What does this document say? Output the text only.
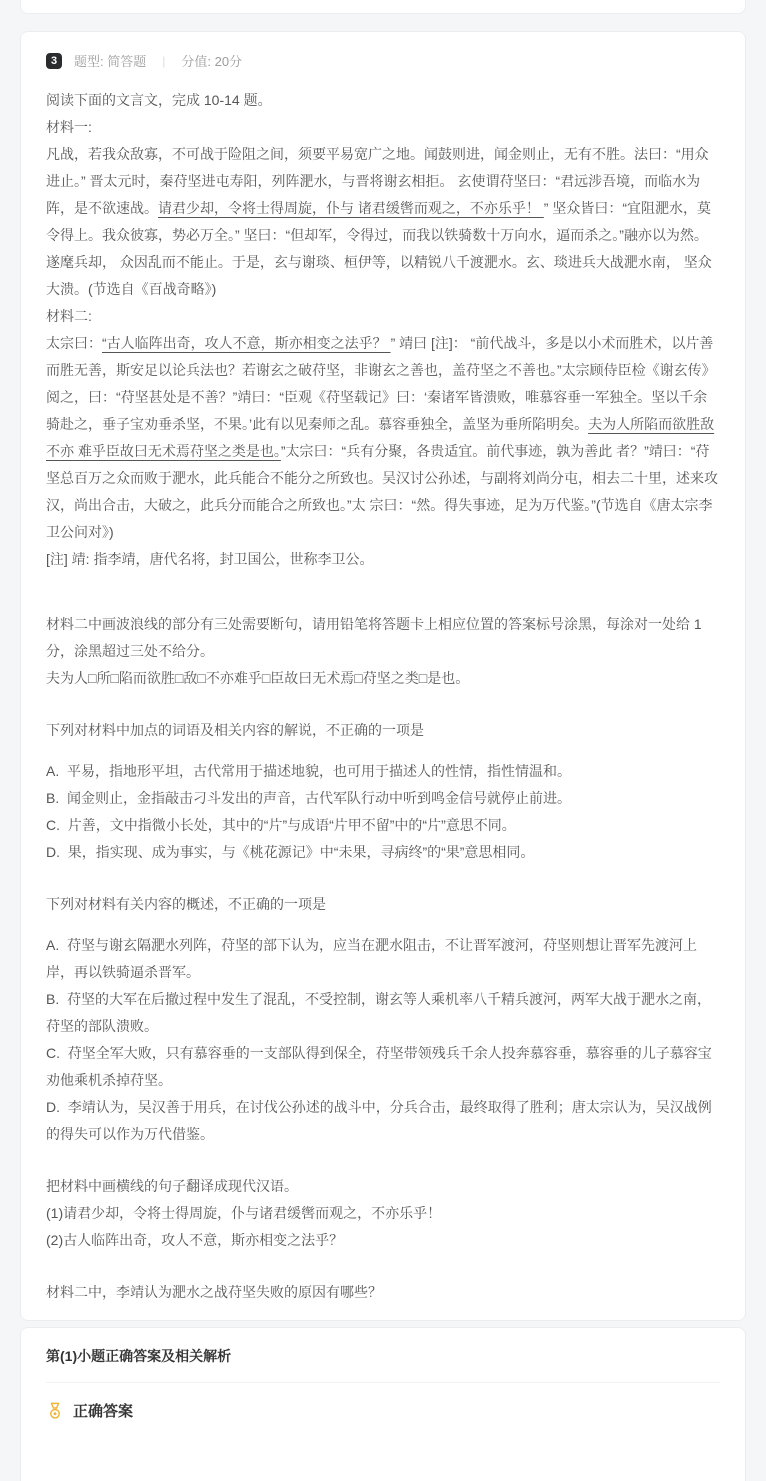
3	题型: 简答题 | 分值: 20分

阅读下面的文言文，完成 10-14 题。

材料一:

凡战，若我众敌寡，不可战于险阻之间，须要平易宽广之地。闻鼓则进，闻金则止，无有不胜。法曰：“用众进止。” 晋太元时，秦苻坚进屯寿阳，列阵淝水，与晋将谢玄相拒。 玄使谓苻坚曰：“君远涉吾境，而临水为阵，是不欲速战。请君少却，令将士得周旋，仆与 诸君缓辔而观之，不亦乐乎！ ” 坚众皆曰：“宜阻淝水，莫令得上。我众彼寡，势必万全。” 坚曰：“但却军，令得过，而我以铁骑数十万向水，逼而杀之。”融亦以为然。遂麾兵却， 众因乱而不能止。于是，玄与谢琰、桓伊等，以精锐八千渡淝水。玄、琰进兵大战淝水南， 坚众大溃。(节选自《百战奇略》)

材料二:

太宗曰：“古人临阵出奇，攻人不意，斯亦相变之法乎？ ” 靖曰 [注]： “前代战斗，多是以小术而胜术，以片善而胜无善，斯安足以论兵法也？若谢玄之破苻坚，非谢玄之善也，盖苻坚之不善也。”太宗顾侍臣检《谢玄传》阅之，曰：“苻坚甚处是不善？”靖曰：“臣观《苻坚载记》曰：‘秦诸军皆溃败，唯慕容垂一军独全。坚以千余骑赴之，垂子宝劝垂杀坚，不果。’此有以见秦师之乱。慕容垂独全，盖坚为垂所陷明矣。夫为人所陷而欲胜敌不亦 难乎臣故曰无术焉苻坚之类是也。”太宗曰：“兵有分聚，各贵适宜。前代事迹，孰为善此 者？”靖曰：“苻坚总百万之众而败于淝水，此兵能合不能分之所致也。吴汉讨公孙述，与副将刘尚分屯，相去二十里，述来攻汉，尚出合击，大破之，此兵分而能合之所致也。”太 宗曰：“然。得失事迹，足为万代鉴。”(节选自《唐太宗李卫公问对》)

[注] 靖: 指李靖，唐代名将，封卫国公，世称李卫公。

材料二中画波浪线的部分有三处需要断句，请用铅笔将答题卡上相应位置的答案标号涂黑，每涂对一处给 1 分，涂黑超过三处不给分。

夫为人□所□陷而欲胜□敌□不亦难乎□臣故曰无术焉□苻坚之类□是也。

下列对材料中加点的词语及相关内容的解说，不正确的一项是

A.  平易，指地形平坦，古代常用于描述地貌，也可用于描述人的性情，指性情温和。

B.  闻金则止，金指敲击刁斗发出的声音，古代军队行动中听到鸣金信号就停止前进。

C.  片善，文中指微小长处，其中的“片”与成语“片甲不留”中的“片”意思不同。

D.  果，指实现、成为事实，与《桃花源记》中“未果，寻病终”的“果”意思相同。

下列对材料有关内容的概述，不正确的一项是

A.  苻坚与谢玄隔淝水列阵，苻坚的部下认为，应当在淝水阻击，不让晋军渡河，苻坚则想让晋军先渡河上岸，再以铁骑逼杀晋军。

B.  苻坚的大军在后撤过程中发生了混乱，不受控制，谢玄等人乘机率八千精兵渡河，两军大战于淝水之南，苻坚的部队溃败。

C.  苻坚全军大败，只有慕容垂的一支部队得到保全，苻坚带领残兵千余人投奔慕容垂，慕容垂的儿子慕容宝劝他乘机杀掉苻坚。

D.  李靖认为，吴汉善于用兵，在讨伐公孙述的战斗中，分兵合击，最终取得了胜利；唐太宗认为，吴汉战例的得失可以作为万代借鉴。

把材料中画横线的句子翻译成现代汉语。

(1)请君少却，令将士得周旋，仆与诸君缓辔而观之，不亦乐乎！

(2)古人临阵出奇，攻人不意，斯亦相变之法乎？

材料二中，李靖认为淝水之战苻坚失败的原因有哪些？

第(1)小题正确答案及相关解析
正确答案
